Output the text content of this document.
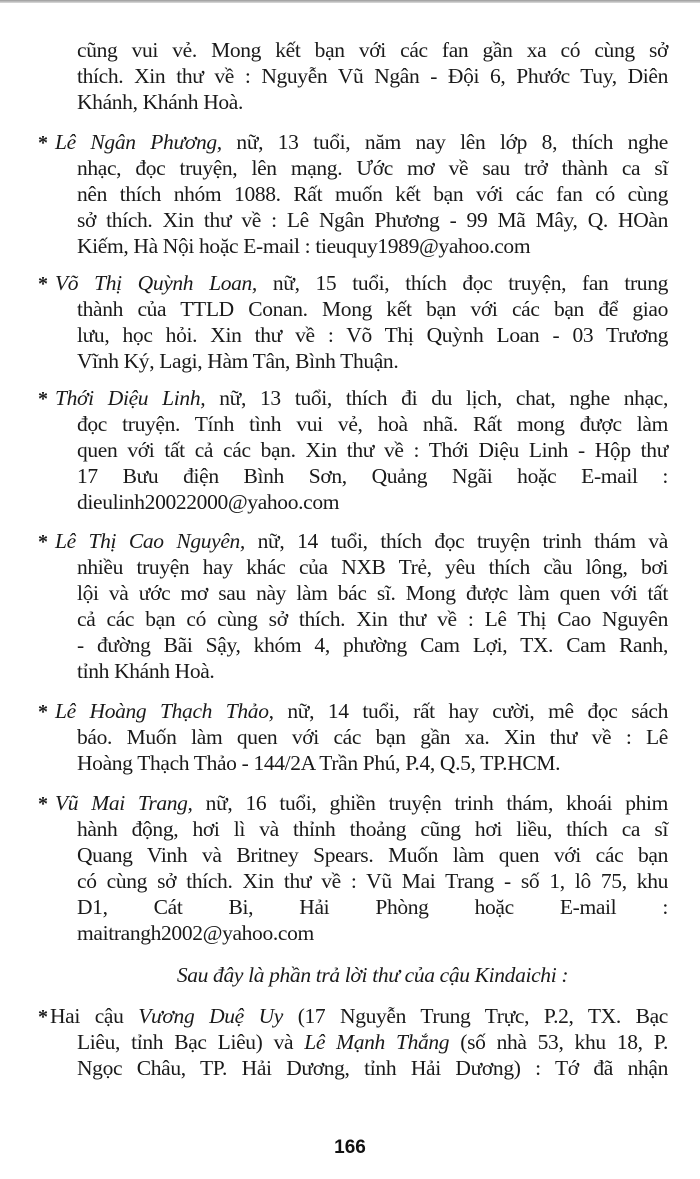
cũng vui vẻ. Mong kết bạn với các fan gần xa có cùng sở
thích. Xin thư về : Nguyễn Vũ Ngân - Đội 6, Phước Tuy, Diên
Khánh, Khánh Hoà.
* Lê Ngân Phương, nữ, 13 tuổi, năm nay lên lớp 8, thích nghe
nhạc, đọc truyện, lên mạng. Ước mơ về sau trở thành ca sĩ
nên thích nhóm 1088. Rất muốn kết bạn với các fan có cùng
sở thích. Xin thư về : Lê Ngân Phương - 99 Mã Mây, Q. HOàn
Kiếm, Hà Nội hoặc E-mail : tieuquy1989@yahoo.com
* Võ Thị Quỳnh Loan, nữ, 15 tuổi, thích đọc truyện, fan trung
thành của TTLD Conan. Mong kết bạn với các bạn để giao
lưu, học hỏi. Xin thư về : Võ Thị Quỳnh Loan - 03 Trương
Vĩnh Ký, Lagi, Hàm Tân, Bình Thuận.
* Thới Diệu Linh, nữ, 13 tuổi, thích đi du lịch, chat, nghe nhạc,
đọc truyện. Tính tình vui vẻ, hoà nhã. Rất mong được làm
quen với tất cả các bạn. Xin thư về : Thới Diệu Linh - Hộp thư
17 Bưu điện Bình Sơn, Quảng Ngãi hoặc E-mail :
dieulinh20022000@yahoo.com
* Lê Thị Cao Nguyên, nữ, 14 tuổi, thích đọc truyện trinh thám và
nhiều truyện hay khác của NXB Trẻ, yêu thích cầu lông, bơi
lội và ước mơ sau này làm bác sĩ. Mong được làm quen với tất
cả các bạn có cùng sở thích. Xin thư về : Lê Thị Cao Nguyên
- đường Bãi Sậy, khóm 4, phường Cam Lợi, TX. Cam Ranh,
tỉnh Khánh Hoà.
* Lê Hoàng Thạch Thảo, nữ, 14 tuổi, rất hay cười, mê đọc sách
báo. Muốn làm quen với các bạn gần xa. Xin thư về : Lê
Hoàng Thạch Thảo - 144/2A Trần Phú, P.4, Q.5, TP.HCM.
* Vũ Mai Trang, nữ, 16 tuổi, ghiền truyện trinh thám, khoái phim
hành động, hơi lì và thỉnh thoảng cũng hơi liều, thích ca sĩ
Quang Vinh và Britney Spears. Muốn làm quen với các bạn
có cùng sở thích. Xin thư về : Vũ Mai Trang - số 1, lô 75, khu
D1, Cát Bi, Hải Phòng hoặc E-mail :
maitrangh2002@yahoo.com
Sau đây là phần trả lời thư của cậu Kindaichi :
* Hai cậu Vương Duệ Uy (17 Nguyễn Trung Trực, P.2, TX. Bạc
Liêu, tỉnh Bạc Liêu) và Lê Mạnh Thắng (số nhà 53, khu 18, P.
Ngọc Châu, TP. Hải Dương, tỉnh Hải Dương) : Tớ đã nhận
166
